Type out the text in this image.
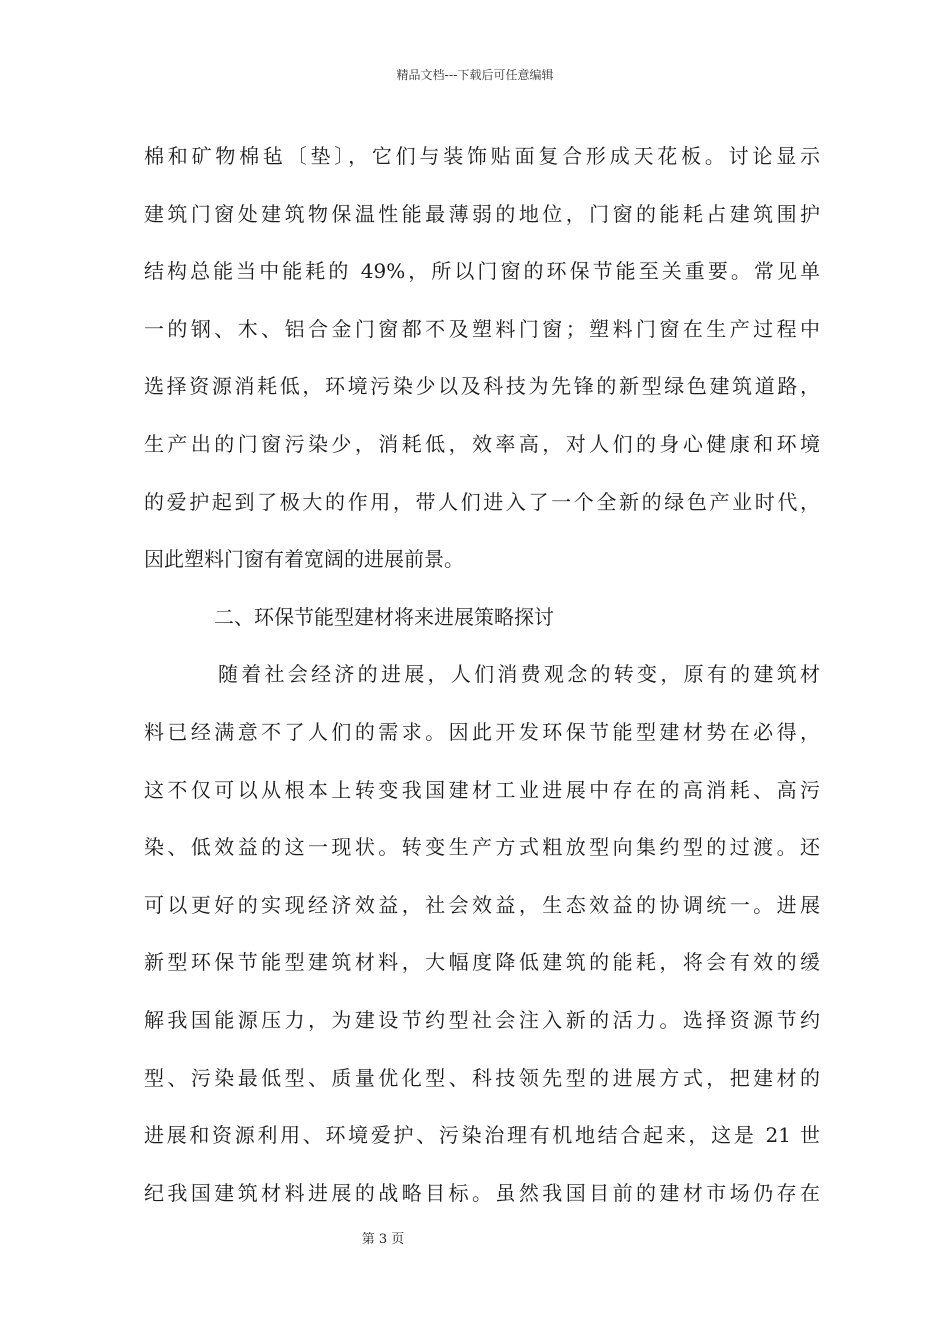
精品文档---下载后可任意编辑
棉和矿物棉毡〔垫〕，它们与装饰贴面复合形成天花板。讨论显示
建筑门窗处建筑物保温性能最薄弱的地位，门窗的能耗占建筑围护
结构总能当中能耗的 49%，所以门窗的环保节能至关重要。常见单
一的钢、木、铝合金门窗都不及塑料门窗；塑料门窗在生产过程中
选择资源消耗低，环境污染少以及科技为先锋的新型绿色建筑道路，
生产出的门窗污染少，消耗低，效率高，对人们的身心健康和环境
的爱护起到了极大的作用，带人们进入了一个全新的绿色产业时代，
因此塑料门窗有着宽阔的进展前景。
二、环保节能型建材将来进展策略探讨
随着社会经济的进展，人们消费观念的转变，原有的建筑材
料已经满意不了人们的需求。因此开发环保节能型建材势在必得，
这不仅可以从根本上转变我国建材工业进展中存在的高消耗、高污
染、低效益的这一现状。转变生产方式粗放型向集约型的过渡。还
可以更好的实现经济效益，社会效益，生态效益的协调统一。进展
新型环保节能型建筑材料，大幅度降低建筑的能耗，将会有效的缓
解我国能源压力，为建设节约型社会注入新的活力。选择资源节约
型、污染最低型、质量优化型、科技领先型的进展方式，把建材的
进展和资源利用、环境爱护、污染治理有机地结合起来，这是 21 世
纪我国建筑材料进展的战略目标。虽然我国目前的建材市场仍存在
第 3 页
